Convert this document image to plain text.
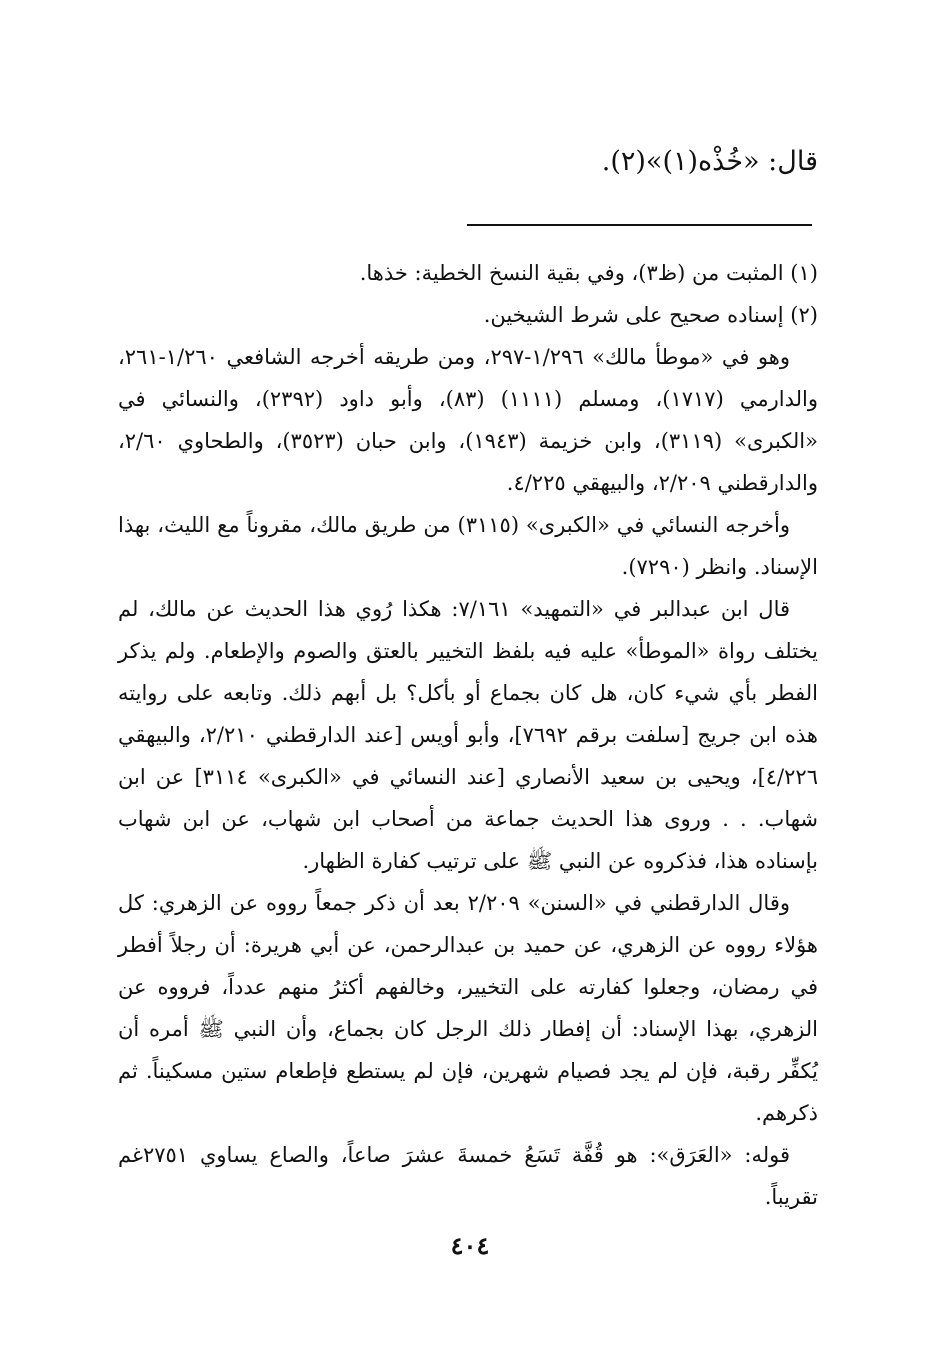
قال: «خُذْه(١)»(٢).
(١) المثبت من (ظ٣)، وفي بقية النسخ الخطية: خذها.
(٢) إسناده صحيح على شرط الشيخين.

وهو في «موطأ مالك» ١/٢٩٦-٢٩٧، ومن طريقه أخرجه الشافعي ١/٢٦٠-٢٦١، والدارمي (١٧١٧)، ومسلم (١١١١) (٨٣)، وأبو داود (٢٣٩٢)، والنسائي في «الكبرى» (٣١١٩)، وابن خزيمة (١٩٤٣)، وابن حبان (٣٥٢٣)، والطحاوي ٢/٦٠، والدارقطني ٢/٢٠٩، والبيهقي ٤/٢٢٥.

وأخرجه النسائي في «الكبرى» (٣١١٥) من طريق مالك، مقروناً مع الليث، بهذا الإسناد. وانظر (٧٢٩٠).

قال ابن عبدالبر في «التمهيد» ٧/١٦١: هكذا رُوي هذا الحديث عن مالك، لم يختلف رواة «الموطأ» عليه فيه بلفظ التخيير بالعتق والصوم والإطعام. ولم يذكر الفطر بأي شيء كان، هل كان بجماع أو بأكل؟ بل أبهم ذلك. وتابعه على روايته هذه ابن جريج [سلفت برقم ٧٦٩٢]، وأبو أويس [عند الدارقطني ٢/٢١٠، والبيهقي ٤/٢٢٦]، ويحيى بن سعيد الأنصاري [عند النسائي في «الكبرى» ٣١١٤] عن ابن شهاب. . . وروى هذا الحديث جماعة من أصحاب ابن شهاب، عن ابن شهاب بإسناده هذا، فذكروه عن النبي ﷺ على ترتيب كفارة الظهار.

وقال الدارقطني في «السنن» ٢/٢٠٩ بعد أن ذكر جمعاً رووه عن الزهري: كل هؤلاء رووه عن الزهري، عن حميد بن عبدالرحمن، عن أبي هريرة: أن رجلاً أفطر في رمضان، وجعلوا كفارته على التخيير، وخالفهم أكثرُ منهم عدداً، فرووه عن الزهري، بهذا الإسناد: أن إفطار ذلك الرجل كان بجماع، وأن النبي ﷺ أمره أن يُكفِّر رقبة، فإن لم يجد فصيام شهرين، فإن لم يستطع فإطعام ستين مسكيناً. ثم ذكرهم.

قوله: «العَرَق»: هو قُفَّة تَسَعُ خمسةَ عشرَ صاعاً، والصاع يساوي ٢٧٥١غم تقريباً.

٤٠٤
